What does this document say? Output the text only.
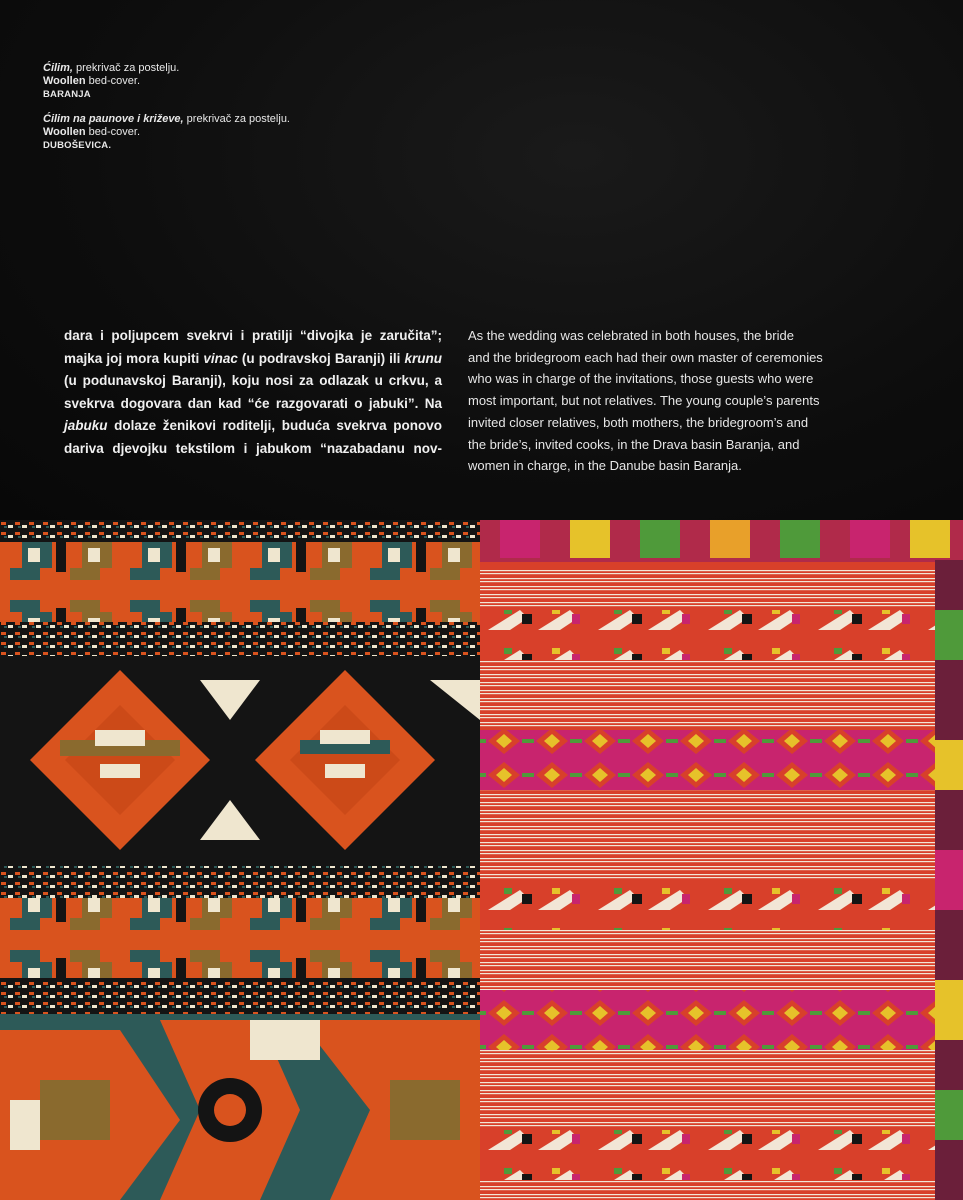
Ćilim, prekrivač za postelju.
Woollen bed-cover.
BARANJA
Ćilim na paunove i križeve, prekrivač za postelju.
Woollen bed-cover.
DUBOŠEVICA.
dara i poljupcem svekrvi i pratilji “divojka je zaručita”;
majka joj mora kupiti vinac (u podravskoj Baranji) ili krunu
(u podunavskoj Baranji), koju nosi za odlazak u crkvu, a
svekrva dogovara dan kad “će razgovarati o jabuki”. Na
jabuku dolaze ženikovi roditelji, buduća svekrva ponovo
dariva djevojku tekstilom i jabukom “nazabadanu nov-
As the wedding was celebrated in both houses, the bride
and the bridegroom each had their own master of ceremonies
who was in charge of the invitations, those guests who were
most important, but not relatives. The young couple’s parents
invited closer relatives, both mothers, the bridegroom’s and
the bride’s, invited cooks, in the Drava basin Baranja, and
women in charge, in the Danube basin Baranja.
